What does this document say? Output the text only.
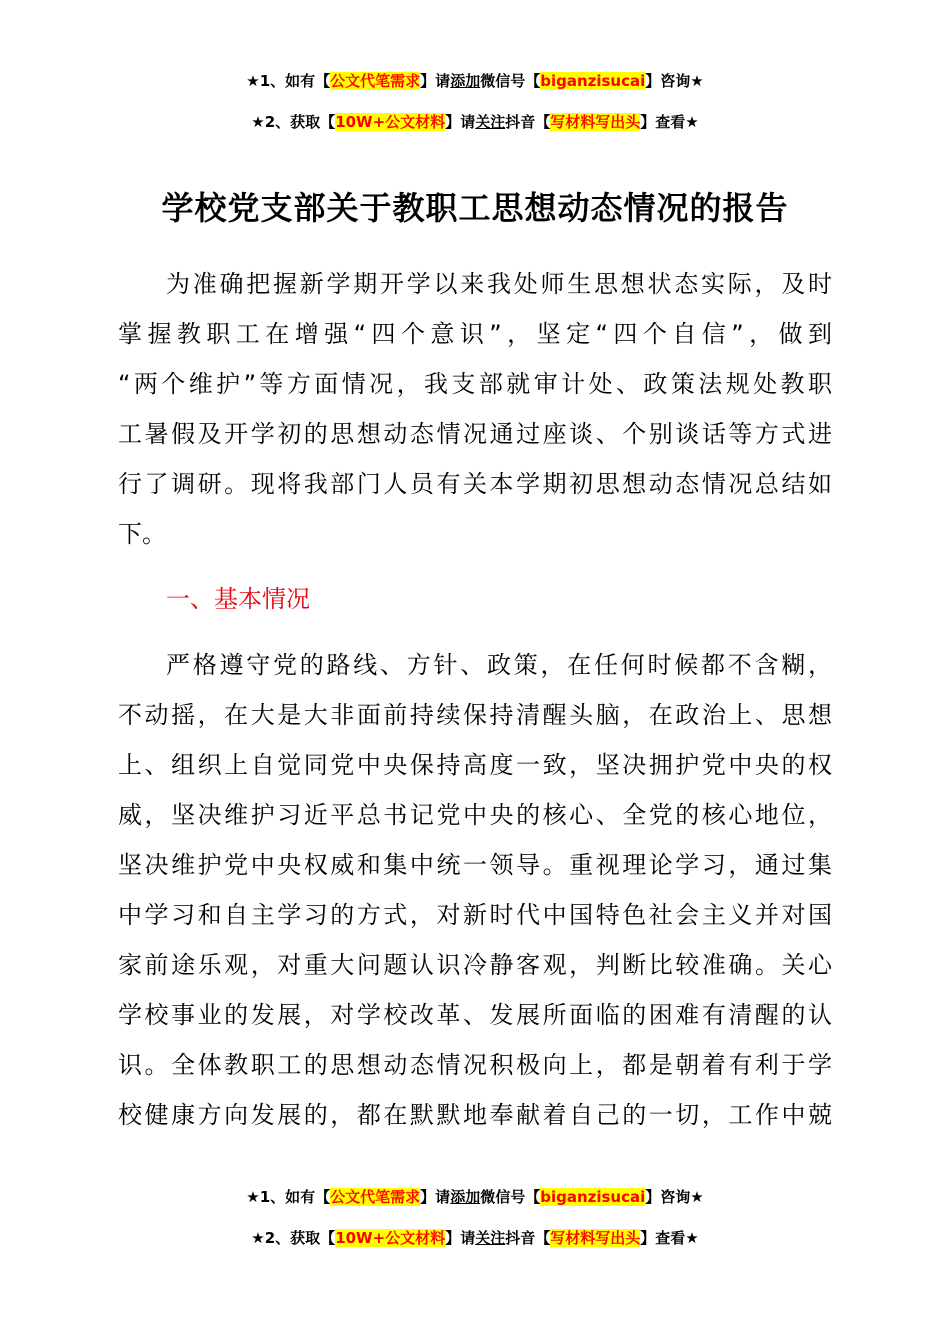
★1、如有【公文代笔需求】请添加微信号【biganzisucai】咨询★
★2、获取【10W+公文材料】请关注抖音【写材料写出头】查看★
学校党支部关于教职工思想动态情况的报告
为准确把握新学期开学以来我处师生思想状态实际，及时
掌握教职工在增强“四个意识”，坚定“四个自信”，做到
“两个维护”等方面情况，我支部就审计处、政策法规处教职
工暑假及开学初的思想动态情况通过座谈、个别谈话等方式进
行了调研。现将我部门人员有关本学期初思想动态情况总结如
下。
一、基本情况
严格遵守党的路线、方针、政策，在任何时候都不含糊，
不动摇，在大是大非面前持续保持清醒头脑，在政治上、思想
上、组织上自觉同党中央保持高度一致，坚决拥护党中央的权
威，坚决维护习近平总书记党中央的核心、全党的核心地位，
坚决维护党中央权威和集中统一领导。重视理论学习，通过集
中学习和自主学习的方式，对新时代中国特色社会主义并对国
家前途乐观，对重大问题认识冷静客观，判断比较准确。关心
学校事业的发展，对学校改革、发展所面临的困难有清醒的认
识。全体教职工的思想动态情况积极向上，都是朝着有利于学
校健康方向发展的，都在默默地奉献着自己的一切，工作中兢
★1、如有【公文代笔需求】请添加微信号【biganzisucai】咨询★
★2、获取【10W+公文材料】请关注抖音【写材料写出头】查看★
